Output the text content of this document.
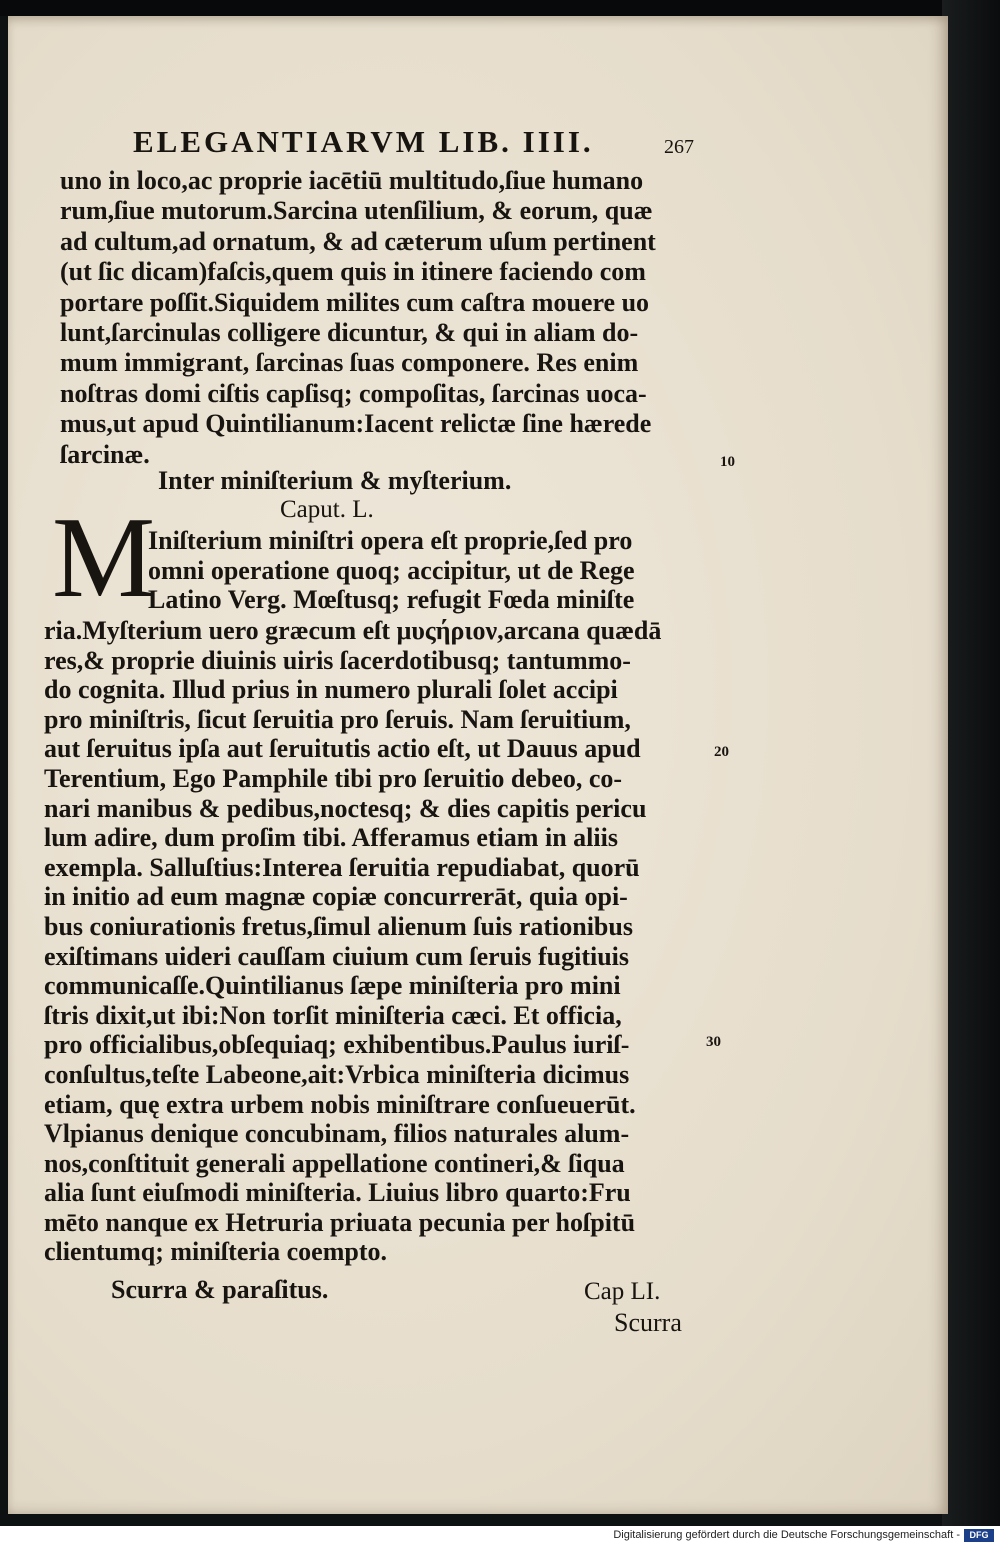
ELEGANTIARVM LIB. IIII.	267
uno in loco,ac proprie iacētiū multitudo,ſiue humano
rum,ſiue mutorum.Sarcina utenſilium, & eorum, quæ
ad cultum,ad ornatum, & ad cæterum uſum pertinent
(ut ſic dicam)faſcis,quem quis in itinere faciendo com
portare poſſit.Siquidem milites cum caſtra mouere uo
lunt,ſarcinulas colligere dicuntur, & qui in aliam do-
mum immigrant, ſarcinas ſuas componere. Res enim
noſtras domi ciſtis capſisq; compoſitas, ſarcinas uoca-
mus,ut apud Quintilianum:Iacent relictæ ſine hærede
ſarcinæ.
Inter miniſterium & myſterium.
Caput. L.
M
Iniſterium miniſtri opera eſt proprie,ſed pro
omni operatione quoq; accipitur, ut de Rege
Latino Verg. Mœſtusq; refugit Fœda miniſte
ria.Myſterium uero græcum eſt μυςήριον,arcana quædā
res,& proprie diuinis uiris ſacerdotibusq; tantummo-
do cognita. Illud prius in numero plurali ſolet accipi
pro miniſtris, ſicut ſeruitia pro ſeruis. Nam ſeruitium,
aut ſeruitus ipſa aut ſeruitutis actio eſt, ut Dauus apud
Terentium, Ego Pamphile tibi pro ſeruitio debeo, co-
nari manibus & pedibus,noctesq; & dies capitis pericu
lum adire, dum proſim tibi. Afferamus etiam in aliis
exempla. Salluſtius:Interea ſeruitia repudiabat, quorū
in initio ad eum magnæ copiæ concurrerāt, quia opi-
bus coniurationis fretus,ſimul alienum ſuis rationibus
exiſtimans uideri cauſſam ciuium cum ſeruis fugitiuis
communicaſſe.Quintilianus ſæpe miniſteria pro mini
ſtris dixit,ut ibi:Non torſit miniſteria cæci. Et officia,
pro officialibus,obſequiaq; exhibentibus.Paulus iuriſ-
conſultus,teſte Labeone,ait:Vrbica miniſteria dicimus
etiam, quę extra urbem nobis miniſtrare conſueuerūt.
Vlpianus denique concubinam, filios naturales alum-
nos,conſtituit generali appellatione contineri,& ſiqua
alia ſunt eiuſmodi miniſteria. Liuius libro quarto:Fru
mēto nanque ex Hetruria priuata pecunia per hoſpitū
clientumq; miniſteria coempto.
Scurra & paraſitus.	Cap LI.
Scurra
10
20
30
Digitalisierung gefördert durch die Deutsche Forschungsgemeinschaft -	DFG
